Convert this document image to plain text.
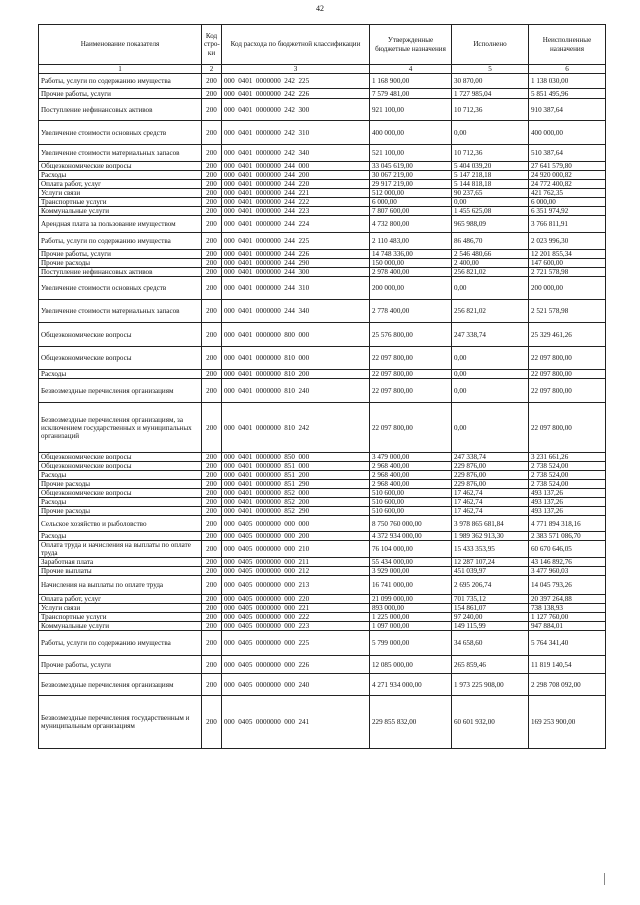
42
Наименование показателя	Код стро-ки	Код расхода по бюджетной классификации	Утвержденные бюджетные назначения	Исполнено	Неисполненные назначения
1	2	3	4	5	6
Работы, услуги по содержанию имущества	200	000  0401  0000000  242  225	1 168 900,00	30 870,00	1 138 030,00
Прочие работы, услуги	200	000  0401  0000000  242  226	7 579 481,00	1 727 985,04	5 851 495,96
Поступление нефинансовых активов	200	000  0401  0000000  242  300	921 100,00	10 712,36	910 387,64
Увеличение стоимости основных средств	200	000  0401  0000000  242  310	400 000,00	0,00	400 000,00
Увеличение стоимости материальных запасов	200	000  0401  0000000  242  340	521 100,00	10 712,36	510 387,64
Общеэкономические вопросы	200	000  0401  0000000  244  000	33 045 619,00	5 404 039,20	27 641 579,80
Расходы	200	000  0401  0000000  244  200	30 067 219,00	5 147 218,18	24 920 000,82
Оплата работ, услуг	200	000  0401  0000000  244  220	29 917 219,00	5 144 818,18	24 772 400,82
Услуги связи	200	000  0401  0000000  244  221	512 000,00	90 237,65	421 762,35
Транспортные услуги	200	000  0401  0000000  244  222	6 000,00	0,00	6 000,00
Коммунальные услуги	200	000  0401  0000000  244  223	7 807 600,00	1 455 625,08	6 351 974,92
Арендная плата за пользование имуществом	200	000  0401  0000000  244  224	4 732 800,00	965 988,09	3 766 811,91
Работы, услуги по содержанию имущества	200	000  0401  0000000  244  225	2 110 483,00	86 486,70	2 023 996,30
Прочие работы, услуги	200	000  0401  0000000  244  226	14 748 336,00	2 546 480,66	12 201 855,34
Прочие расходы	200	000  0401  0000000  244  290	150 000,00	2 400,00	147 600,00
Поступление нефинансовых активов	200	000  0401  0000000  244  300	2 978 400,00	256 821,02	2 721 578,98
Увеличение стоимости основных средств	200	000  0401  0000000  244  310	200 000,00	0,00	200 000,00
Увеличение стоимости материальных запасов	200	000  0401  0000000  244  340	2 778 400,00	256 821,02	2 521 578,98
Общеэкономические вопросы	200	000  0401  0000000  800  000	25 576 800,00	247 338,74	25 329 461,26
Общеэкономические вопросы	200	000  0401  0000000  810  000	22 097 800,00	0,00	22 097 800,00
Расходы	200	000  0401  0000000  810  200	22 097 800,00	0,00	22 097 800,00
Безвозмездные перечисления организациям	200	000  0401  0000000  810  240	22 097 800,00	0,00	22 097 800,00
Безвозмездные перечисления организациям, за исключением государственных и муниципальных организаций	200	000  0401  0000000  810  242	22 097 800,00	0,00	22 097 800,00
Общеэкономические вопросы	200	000  0401  0000000  850  000	3 479 000,00	247 338,74	3 231 661,26
Общеэкономические вопросы	200	000  0401  0000000  851  000	2 968 400,00	229 876,00	2 738 524,00
Расходы	200	000  0401  0000000  851  200	2 968 400,00	229 876,00	2 738 524,00
Прочие расходы	200	000  0401  0000000  851  290	2 968 400,00	229 876,00	2 738 524,00
Общеэкономические вопросы	200	000  0401  0000000  852  000	510 600,00	17 462,74	493 137,26
Расходы	200	000  0401  0000000  852  200	510 600,00	17 462,74	493 137,26
Прочие расходы	200	000  0401  0000000  852  290	510 600,00	17 462,74	493 137,26
Сельское хозяйство и рыболовство	200	000  0405  0000000  000  000	8 750 760 000,00	3 978 865 681,84	4 771 894 318,16
Расходы	200	000  0405  0000000  000  200	4 372 934 000,00	1 989 362 913,30	2 383 571 086,70
Оплата труда и начисления на выплаты по оплате труда	200	000  0405  0000000  000  210	76 104 000,00	15 433 353,95	60 670 646,05
Заработная плата	200	000  0405  0000000  000  211	55 434 000,00	12 287 107,24	43 146 892,76
Прочие выплаты	200	000  0405  0000000  000  212	3 929 000,00	451 039,97	3 477 960,03
Начисления на выплаты по оплате труда	200	000  0405  0000000  000  213	16 741 000,00	2 695 206,74	14 045 793,26
Оплата работ, услуг	200	000  0405  0000000  000  220	21 099 000,00	701 735,12	20 397 264,88
Услуги связи	200	000  0405  0000000  000  221	893 000,00	154 861,07	738 138,93
Транспортные услуги	200	000  0405  0000000  000  222	1 225 000,00	97 240,00	1 127 760,00
Коммунальные услуги	200	000  0405  0000000  000  223	1 097 000,00	149 115,99	947 884,01
Работы, услуги по содержанию имущества	200	000  0405  0000000  000  225	5 799 000,00	34 658,60	5 764 341,40
Прочие работы, услуги	200	000  0405  0000000  000  226	12 085 000,00	265 859,46	11 819 140,54
Безвозмездные перечисления организациям	200	000  0405  0000000  000  240	4 271 934 000,00	1 973 225 908,00	2 298 708 092,00
Безвозмездные перечисления государственным и муниципальным организациям	200	000  0405  0000000  000  241	229 855 832,00	60 601 932,00	169 253 900,00
